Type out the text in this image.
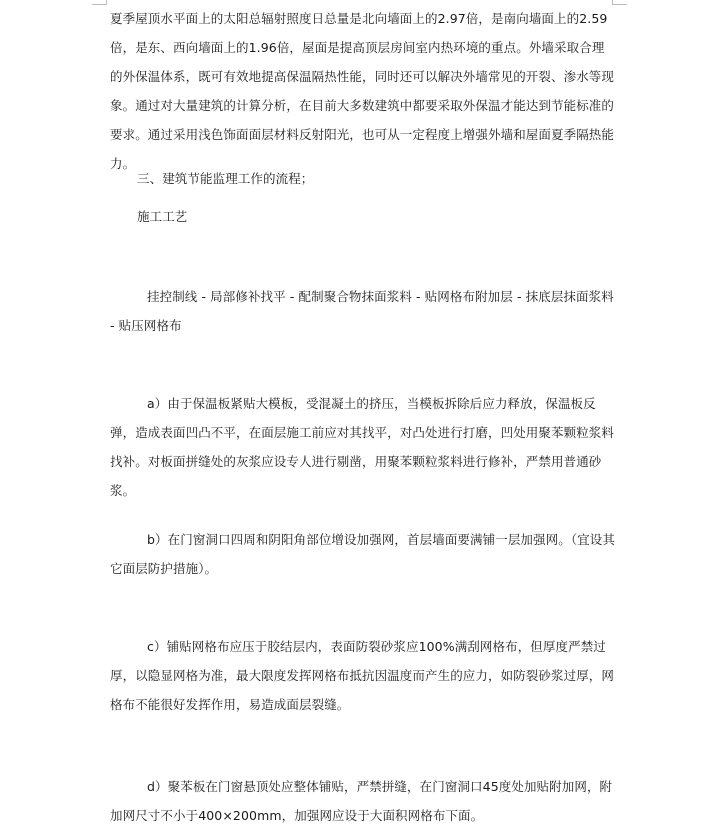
夏季屋顶水平面上的太阳总辐射照度日总量是北向墙面上的2.97倍，是南向墙面上的2.59倍，是东、西向墙面上的1.96倍，屋面是提高顶层房间室内热环境的重点。外墙采取合理的外保温体系，既可有效地提高保温隔热性能，同时还可以解决外墙常见的开裂、渗水等现象。通过对大量建筑的计算分析，在目前大多数建筑中都要采取外保温才能达到节能标准的要求。通过采用浅色饰面面层材料反射阳光，也可从一定程度上增强外墙和屋面夏季隔热能力。
三、建筑节能监理工作的流程；
施工工艺
挂控制线 - 局部修补找平 - 配制聚合物抹面浆料 - 贴网格布附加层 - 抹底层抹面浆料 - 贴压网格布
a）由于保温板紧贴大模板，受混凝土的挤压，当模板拆除后应力释放，保温板反弹，造成表面凹凸不平，在面层施工前应对其找平，对凸处进行打磨，凹处用聚苯颗粒浆料找补。对板面拼缝处的灰浆应设专人进行剔凿，用聚苯颗粒浆料进行修补，严禁用普通砂浆。
b）在门窗洞口四周和阴阳角部位增设加强网，首层墙面要满铺一层加强网。（宜设其它面层防护措施）。
c）铺贴网格布应压于胶结层内，表面防裂砂浆应100%满刮网格布，但厚度严禁过厚，以隐显网格为准，最大限度发挥网格布抵抗因温度而产生的应力，如防裂砂浆过厚，网格布不能很好发挥作用，易造成面层裂缝。
d）聚苯板在门窗悬顶处应整体铺贴，严禁拼缝，在门窗洞口45度处加贴附加网，附加网尺寸不小于400×200mm，加强网应设于大面积网格布下面。
